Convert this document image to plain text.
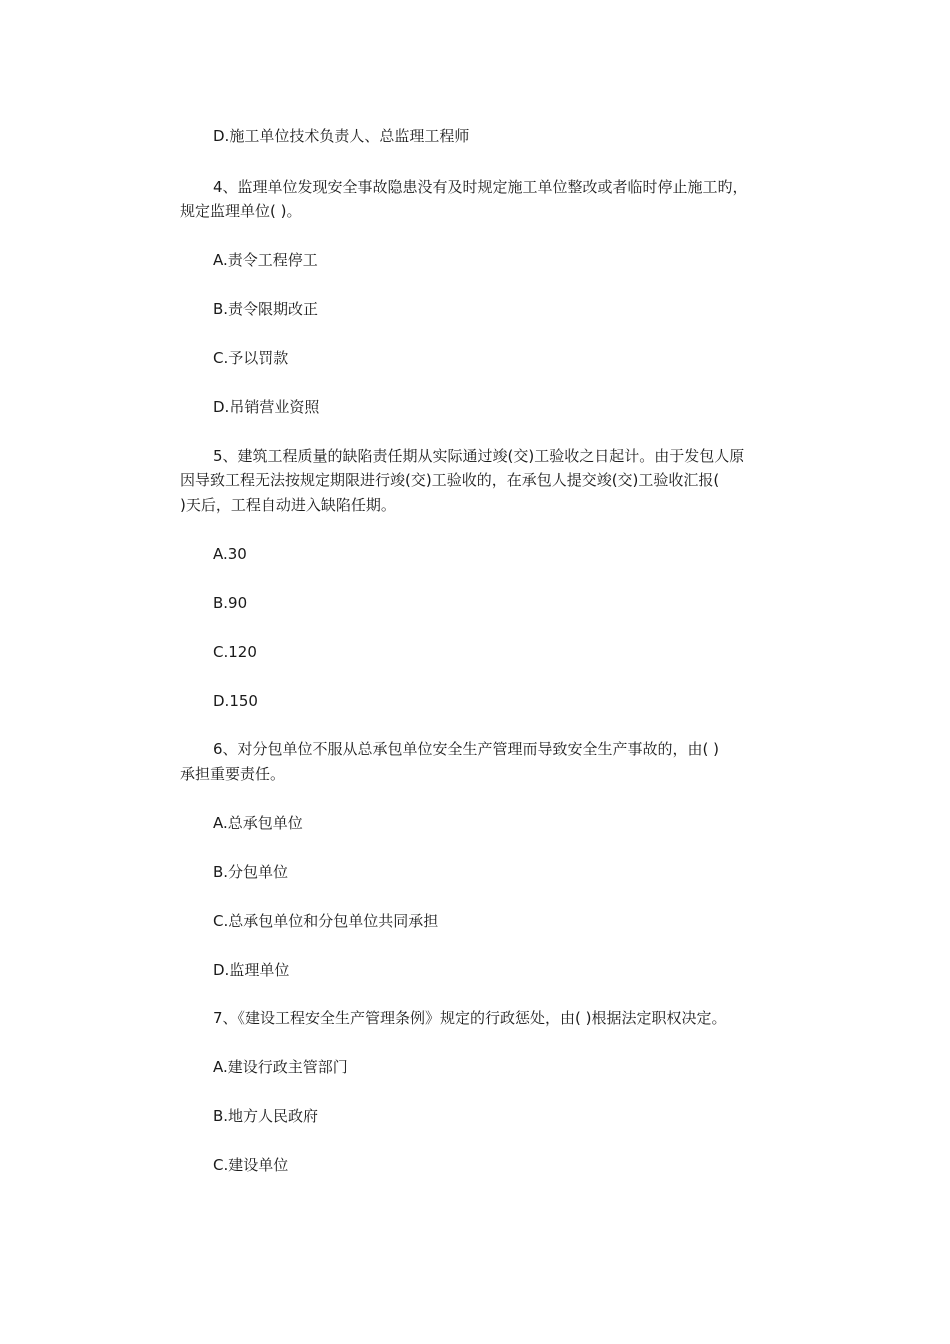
D.施工单位技术负责人、总监理工程师
4、监理单位发现安全事故隐患没有及时规定施工单位整改或者临时停止施工旳，
规定监理单位( )。
A.责令工程停工
B.责令限期改正
C.予以罚款
D.吊销营业资照
5、建筑工程质量的缺陷责任期从实际通过竣(交)工验收之日起计。由于发包人原
因导致工程无法按规定期限进行竣(交)工验收的，在承包人提交竣(交)工验收汇报(
)天后，工程自动进入缺陷任期。
A.30
B.90
C.120
D.150
6、对分包单位不服从总承包单位安全生产管理而导致安全生产事故的，由( )
承担重要责任。
A.总承包单位
B.分包单位
C.总承包单位和分包单位共同承担
D.监理单位
7、《建设工程安全生产管理条例》规定的行政惩处，由( )根据法定职权决定。
A.建设行政主管部门
B.地方人民政府
C.建设单位
